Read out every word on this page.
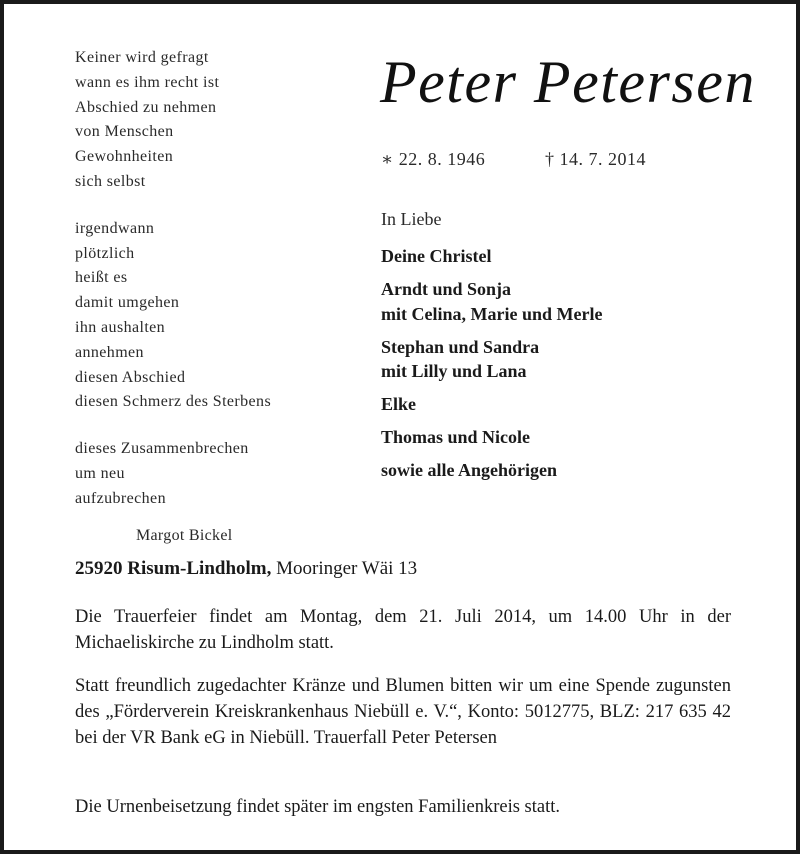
Keiner wird gefragt
wann es ihm recht ist
Abschied zu nehmen
von Menschen
Gewohnheiten
sich selbst
irgendwann
plötzlich
heißt es
damit umgehen
ihn aushalten
annehmen
diesen Abschied
diesen Schmerz des Sterbens
dieses Zusammenbrechen
um neu
aufzubrechen
Margot Bickel
Peter Petersen
∗ 22. 8. 1946	† 14. 7. 2014
In Liebe
Deine Christel
Arndt und Sonja
mit Celina, Marie und Merle
Stephan und Sandra
mit Lilly und Lana
Elke
Thomas und Nicole
sowie alle Angehörigen
25920 Risum-Lindholm, Mooringer Wäi 13
Die Trauerfeier findet am Montag, dem 21. Juli 2014, um 14.00 Uhr in der Michaeliskirche zu Lindholm statt.
Statt freundlich zugedachter Kränze und Blumen bitten wir um eine Spende zugunsten des „Förderverein Kreiskrankenhaus Niebüll e. V.“, Konto: 5012775, BLZ: 217 635 42 bei der VR Bank eG in Niebüll. Trauerfall Peter Petersen
Die Urnenbeisetzung findet später im engsten Familienkreis statt.
